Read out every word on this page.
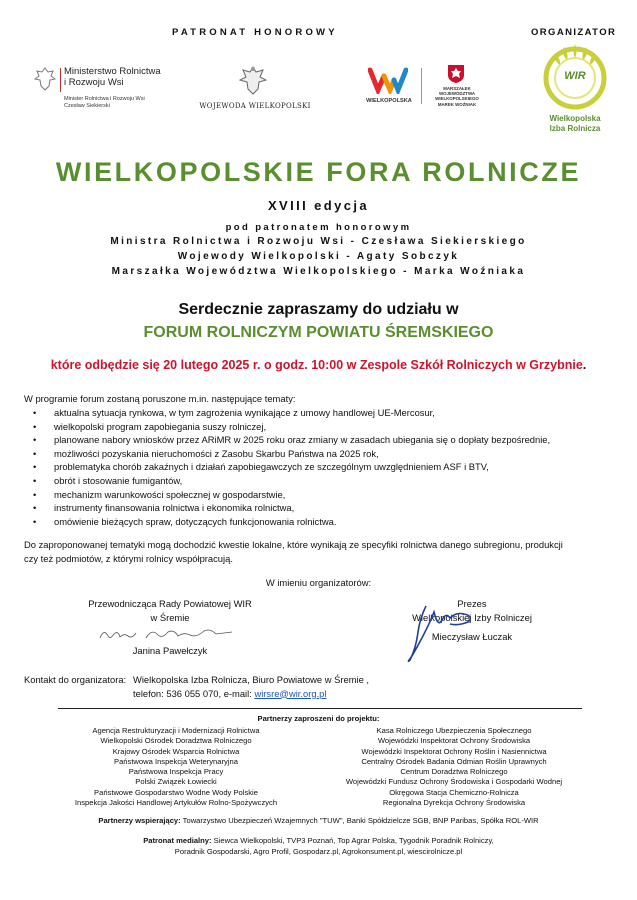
PATRONAT HONOROWY	ORGANIZATOR
Ministerstwo Rolnictwa
i Rozwoju Wsi
Minister Rolnictwa i Rozwoju Wsi
Czesław Siekierski	WOJEWODA WIELKOPOLSKI
WIELKOPOLSKA
MARSZAŁEK
WOJEWÓDZTWA
WIELKOPOLSKIEGO
MAREK WOŹNIAK
WIR
Wielkopolska
Izba Rolnicza
WIELKOPOLSKIE FORA ROLNICZE
XVIII edycja
pod patronatem honorowym
Ministra Rolnictwa i Rozwoju Wsi - Czesława Siekierskiego
Wojewody Wielkopolski - Agaty Sobczyk
Marszałka Województwa Wielkopolskiego - Marka Woźniaka
Serdecznie zapraszamy do udziału w
FORUM ROLNICZYM POWIATU ŚREMSKIEGO
które odbędzie się 20 lutego 2025 r. o godz. 10:00 w Zespole Szkół Rolniczych w Grzybnie.
W programie forum zostaną poruszone m.in. następujące tematy:
• aktualna sytuacja rynkowa, w tym zagrożenia wynikające z umowy handlowej UE-Mercosur,
• wielkopolski program zapobiegania suszy rolniczej,
• planowane nabory wniosków przez ARiMR w 2025 roku oraz zmiany w zasadach ubiegania się o dopłaty bezpośrednie,
• możliwości pozyskania nieruchomości z Zasobu Skarbu Państwa na 2025 rok,
• problematyka chorób zakaźnych i działań zapobiegawczych ze szczególnym uwzględnieniem ASF i BTV,
• obrót i stosowanie fumigantów,
• mechanizm warunkowości społecznej w gospodarstwie,
• instrumenty finansowania rolnictwa i ekonomika rolnictwa,
• omówienie bieżących spraw, dotyczących funkcjonowania rolnictwa.
Do zaproponowanej tematyki mogą dochodzić kwestie lokalne, które wynikają ze specyfiki rolnictwa danego subregionu, produkcji
czy też podmiotów, z którymi rolnicy współpracują.
W imieniu organizatorów:
Przewodnicząca Rady Powiatowej WIR
w Śremie
Janina Pawełczyk
Prezes
Wielkopolskiej Izby Rolniczej
Mieczysław Łuczak
Kontakt do organizatora: Wielkopolska Izba Rolnicza, Biuro Powiatowe w Śremie ,
telefon: 536 055 070, e-mail: wirsre@wir.org.pl
Partnerzy zaproszeni do projektu:
Agencja Restrukturyzacji i Modernizacji Rolnictwa
Wielkopolski Ośrodek Doradztwa Rolniczego
Krajowy Ośrodek Wsparcia Rolnictwa
Państwowa Inspekcja Weterynaryjna
Państwowa Inspekcja Pracy
Polski Związek Łowiecki
Państwowe Gospodarstwo Wodne Wody Polskie
Inspekcja Jakości Handlowej Artykułów Rolno-Spożywczych
Kasa Rolniczego Ubezpieczenia Społecznego
Wojewódzki Inspektorat Ochrony Środowiska
Wojewódzki Inspektorat Ochrony Roślin i Nasiennictwa
Centralny Ośrodek Badania Odmian Roślin Uprawnych
Centrum Doradztwa Rolniczego
Wojewódzki Fundusz Ochrony Środowiska i Gospodarki Wodnej
Okręgowa Stacja Chemiczno-Rolnicza
Regionalna Dyrekcja Ochrony Środowiska
Partnerzy wspierający: Towarzystwo Ubezpieczeń Wzajemnych "TUW", Banki Spółdzielcze SGB, BNP Paribas, Spółka ROL-WIR
Patronat medialny: Siewca Wielkopolski, TVP3 Poznań, Top Agrar Polska, Tygodnik Poradnik Rolniczy,
Poradnik Gospodarski, Agro Profil, Gospodarz.pl, Agrokonsument.pl, wiescirolnicze.pl
